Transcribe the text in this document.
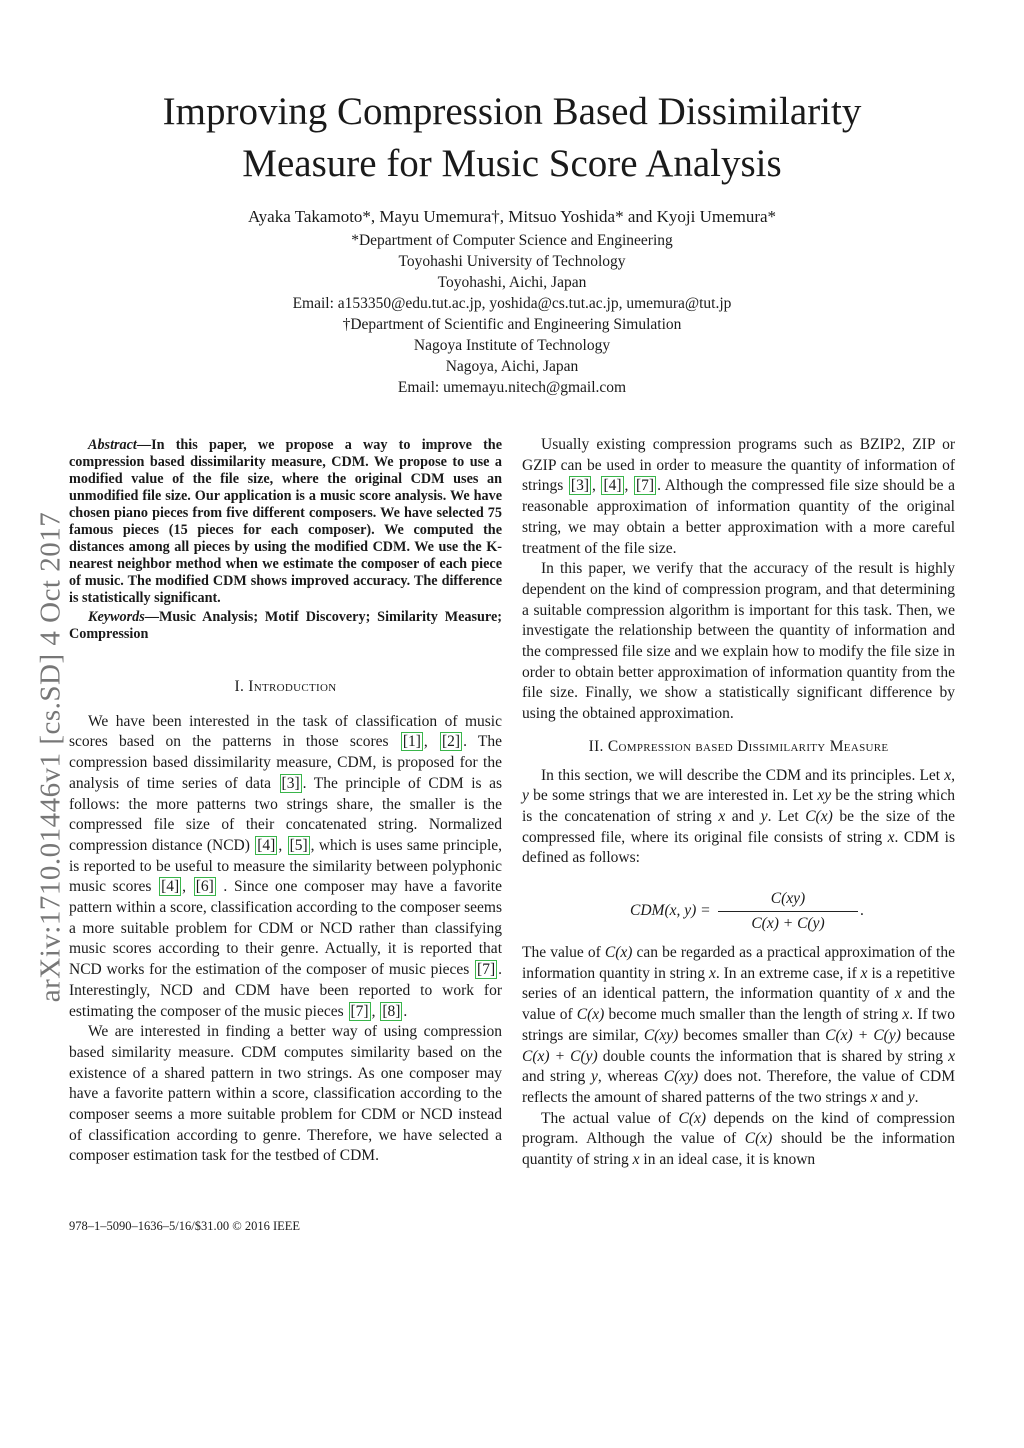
Improving Compression Based Dissimilarity
Measure for Music Score Analysis
Ayaka Takamoto*, Mayu Umemura†, Mitsuo Yoshida* and Kyoji Umemura*
*Department of Computer Science and Engineering
Toyohashi University of Technology
Toyohashi, Aichi, Japan
Email: a153350@edu.tut.ac.jp, yoshida@cs.tut.ac.jp, umemura@tut.jp
†Department of Scientific and Engineering Simulation
Nagoya Institute of Technology
Nagoya, Aichi, Japan
Email: umemayu.nitech@gmail.com
arXiv:1710.01446v1 [cs.SD] 4 Oct 2017
Abstract—In this paper, we propose a way to improve the compression based dissimilarity measure, CDM. We propose to use a modified value of the file size, where the original CDM uses an unmodified file size. Our application is a music score analysis. We have chosen piano pieces from five different composers. We have selected 75 famous pieces (15 pieces for each composer). We computed the distances among all pieces by using the modified CDM. We use the K-nearest neighbor method when we estimate the composer of each piece of music. The modified CDM shows improved accuracy. The difference is statistically significant.
Keywords—Music Analysis; Motif Discovery; Similarity Measure; Compression
I. Introduction

We have been interested in the task of classification of music scores based on the patterns in those scores [1] , [2] . The compression based dissimilarity measure, CDM, is proposed for the analysis of time series of data [3] . The principle of CDM is as follows: the more patterns two strings share, the smaller is the compressed file size of their concatenated string. Normalized compression distance (NCD) [4] , [5] , which is uses same principle, is reported to be useful to measure the similarity between polyphonic music scores [4] , [6] . Since one composer may have a favorite pattern within a score, classification according to the composer seems a more suitable problem for CDM or NCD rather than classifying music scores according to their genre. Actually, it is reported that NCD works for the estimation of the composer of music pieces [7] . Interestingly, NCD and CDM have been reported to work for estimating the composer of the music pieces [7] , [8] .

We are interested in finding a better way of using compression based similarity measure. CDM computes similarity based on the existence of a shared pattern in two strings. As one composer may have a favorite pattern within a score, classification according to the composer seems a more suitable problem for CDM or NCD instead of classification according to genre. Therefore, we have selected a composer estimation task for the testbed of CDM.

Usually existing compression programs such as BZIP2, ZIP or GZIP can be used in order to measure the quantity of information of strings [3] , [4] , [7] . Although the compressed file size should be a reasonable approximation of information quantity of the original string, we may obtain a better approximation with a more careful treatment of the file size.

In this paper, we verify that the accuracy of the result is highly dependent on the kind of compression program, and that determining a suitable compression algorithm is important for this task. Then, we investigate the relationship between the quantity of information and the compressed file size and we explain how to modify the file size in order to obtain better approximation of information quantity from the file size. Finally, we show a statistically significant difference by using the obtained approximation.

II. Compression based Dissimilarity Measure

In this section, we will describe the CDM and its principles. Let x, y be some strings that we are interested in. Let xy be the string which is the concatenation of string x and y. Let C(x) be the size of the compressed file, where its original file consists of string x. CDM is defined as follows:

CDM(x, y) =
C(xy)
C(x) + C(y)
.

The value of C(x) can be regarded as a practical approximation of the information quantity in string x. In an extreme case, if x is a repetitive series of an identical pattern, the information quantity of x and the value of C(x) become much smaller than the length of string x. If two strings are similar, C(xy) becomes smaller than C(x) + C(y) because C(x) + C(y) double counts the information that is shared by string x and string y, whereas C(xy) does not. Therefore, the value of CDM reflects the amount of shared patterns of the two strings x and y.

The actual value of C(x) depends on the kind of compression program. Although the value of C(x) should be the information quantity of string x in an ideal case, it is known

978–1–5090–1636–5/16/$31.00 © 2016 IEEE
